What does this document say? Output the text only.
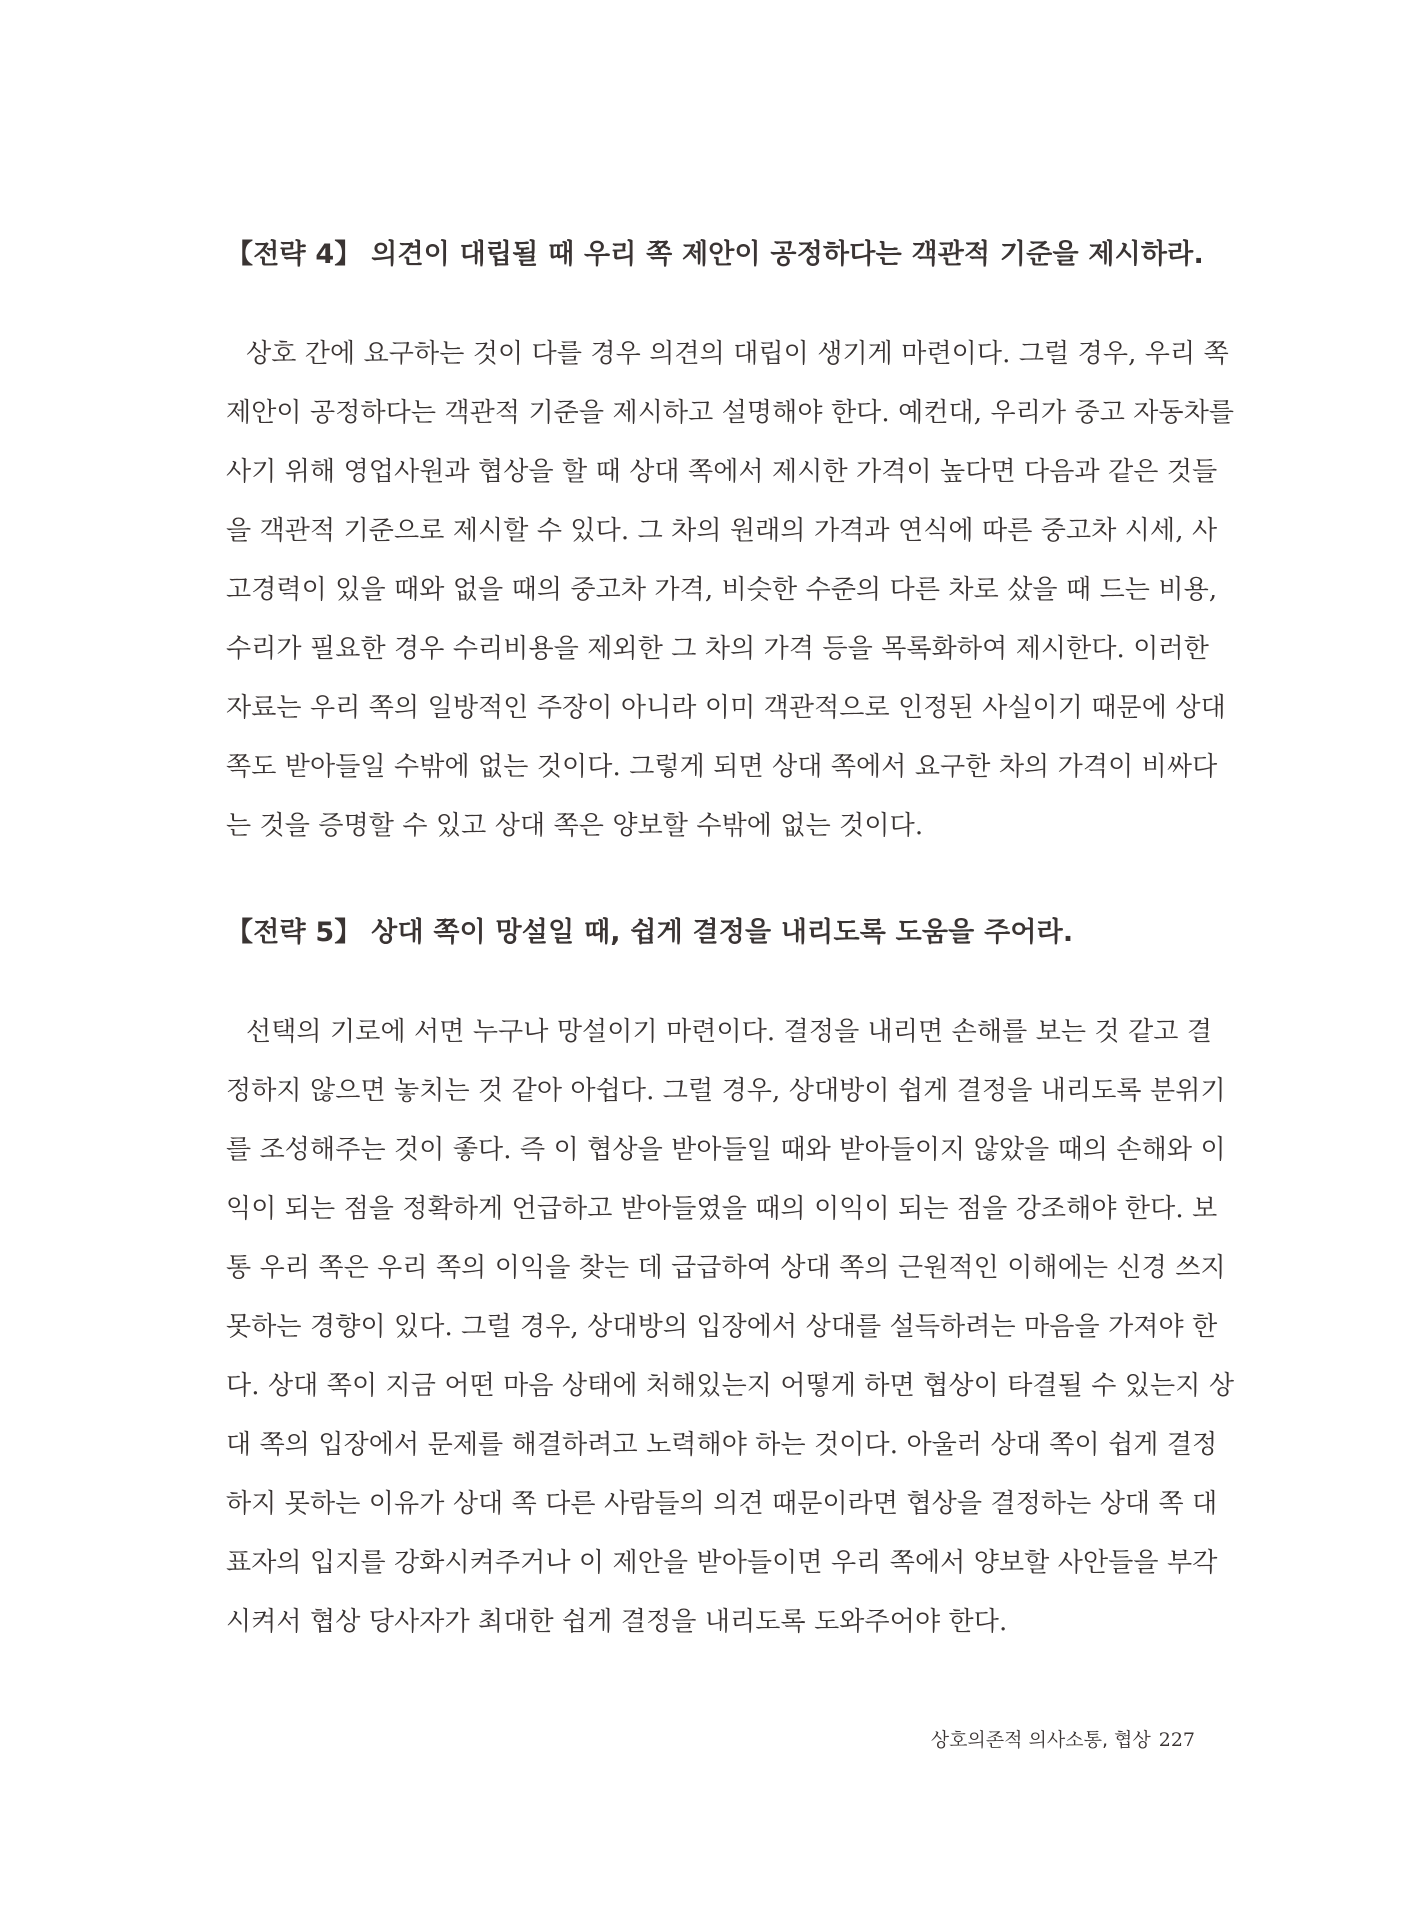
【전략 4】 의견이 대립될 때 우리 쪽 제안이 공정하다는 객관적 기준을 제시하라.
상호 간에 요구하는 것이 다를 경우 의견의 대립이 생기게 마련이다. 그럴 경우, 우리 쪽
제안이 공정하다는 객관적 기준을 제시하고 설명해야 한다. 예컨대, 우리가 중고 자동차를
사기 위해 영업사원과 협상을 할 때 상대 쪽에서 제시한 가격이 높다면 다음과 같은 것들
을 객관적 기준으로 제시할 수 있다. 그 차의 원래의 가격과 연식에 따른 중고차 시세, 사
고경력이 있을 때와 없을 때의 중고차 가격, 비슷한 수준의 다른 차로 샀을 때 드는 비용,
수리가 필요한 경우 수리비용을 제외한 그 차의 가격 등을 목록화하여 제시한다. 이러한
자료는 우리 쪽의 일방적인 주장이 아니라 이미 객관적으로 인정된 사실이기 때문에 상대
쪽도 받아들일 수밖에 없는 것이다. 그렇게 되면 상대 쪽에서 요구한 차의 가격이 비싸다
는 것을 증명할 수 있고 상대 쪽은 양보할 수밖에 없는 것이다.
【전략 5】 상대 쪽이 망설일 때, 쉽게 결정을 내리도록 도움을 주어라.
선택의 기로에 서면 누구나 망설이기 마련이다. 결정을 내리면 손해를 보는 것 같고 결
정하지 않으면 놓치는 것 같아 아쉽다. 그럴 경우, 상대방이 쉽게 결정을 내리도록 분위기
를 조성해주는 것이 좋다. 즉 이 협상을 받아들일 때와 받아들이지 않았을 때의 손해와 이
익이 되는 점을 정확하게 언급하고 받아들였을 때의 이익이 되는 점을 강조해야 한다. 보
통 우리 쪽은 우리 쪽의 이익을 찾는 데 급급하여 상대 쪽의 근원적인 이해에는 신경 쓰지
못하는 경향이 있다. 그럴 경우, 상대방의 입장에서 상대를 설득하려는 마음을 가져야 한
다. 상대 쪽이 지금 어떤 마음 상태에 처해있는지 어떻게 하면 협상이 타결될 수 있는지 상
대 쪽의 입장에서 문제를 해결하려고 노력해야 하는 것이다. 아울러 상대 쪽이 쉽게 결정
하지 못하는 이유가 상대 쪽 다른 사람들의 의견 때문이라면 협상을 결정하는 상대 쪽 대
표자의 입지를 강화시켜주거나 이 제안을 받아들이면 우리 쪽에서 양보할 사안들을 부각
시켜서 협상 당사자가 최대한 쉽게 결정을 내리도록 도와주어야 한다.

상호의존적 의사소통, 협상 227
